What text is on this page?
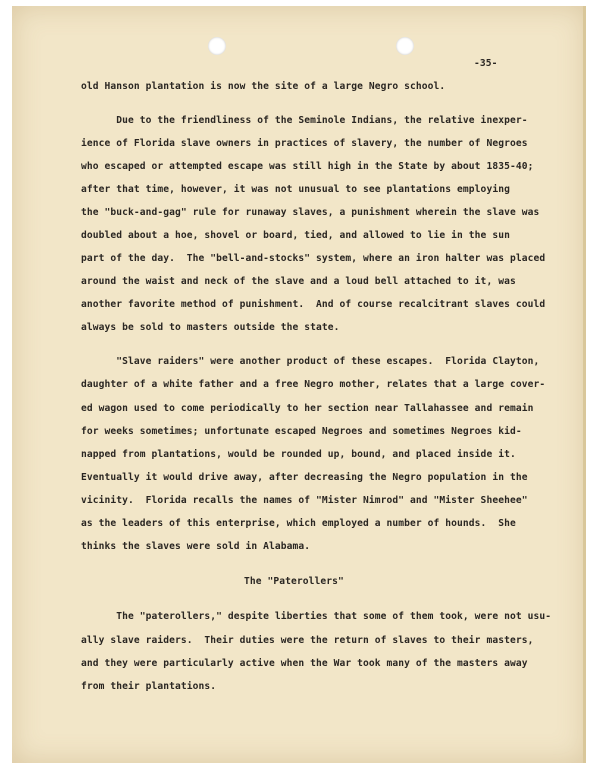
-35-
old Hanson plantation is now the site of a large Negro school.
Due to the friendliness of the Seminole Indians, the relative inexper-
ience of Florida slave owners in practices of slavery, the number of Negroes
who escaped or attempted escape was still high in the State by about 1835-40;
after that time, however, it was not unusual to see plantations employing
the "buck-and-gag" rule for runaway slaves, a punishment wherein the slave was
doubled about a hoe, shovel or board, tied, and allowed to lie in the sun
part of the day.  The "bell-and-stocks" system, where an iron halter was placed
around the waist and neck of the slave and a loud bell attached to it, was
another favorite method of punishment.  And of course recalcitrant slaves could
always be sold to masters outside the state.
"Slave raiders" were another product of these escapes.  Florida Clayton,
daughter of a white father and a free Negro mother, relates that a large cover-
ed wagon used to come periodically to her section near Tallahassee and remain
for weeks sometimes; unfortunate escaped Negroes and sometimes Negroes kid-
napped from plantations, would be rounded up, bound, and placed inside it.
Eventually it would drive away, after decreasing the Negro population in the
vicinity.  Florida recalls the names of "Mister Nimrod" and "Mister Sheehee"
as the leaders of this enterprise, which employed a number of hounds.  She
thinks the slaves were sold in Alabama.
The "Paterollers"
The "paterollers," despite liberties that some of them took, were not usu-
ally slave raiders.  Their duties were the return of slaves to their masters,
and they were particularly active when the War took many of the masters away
from their plantations.
